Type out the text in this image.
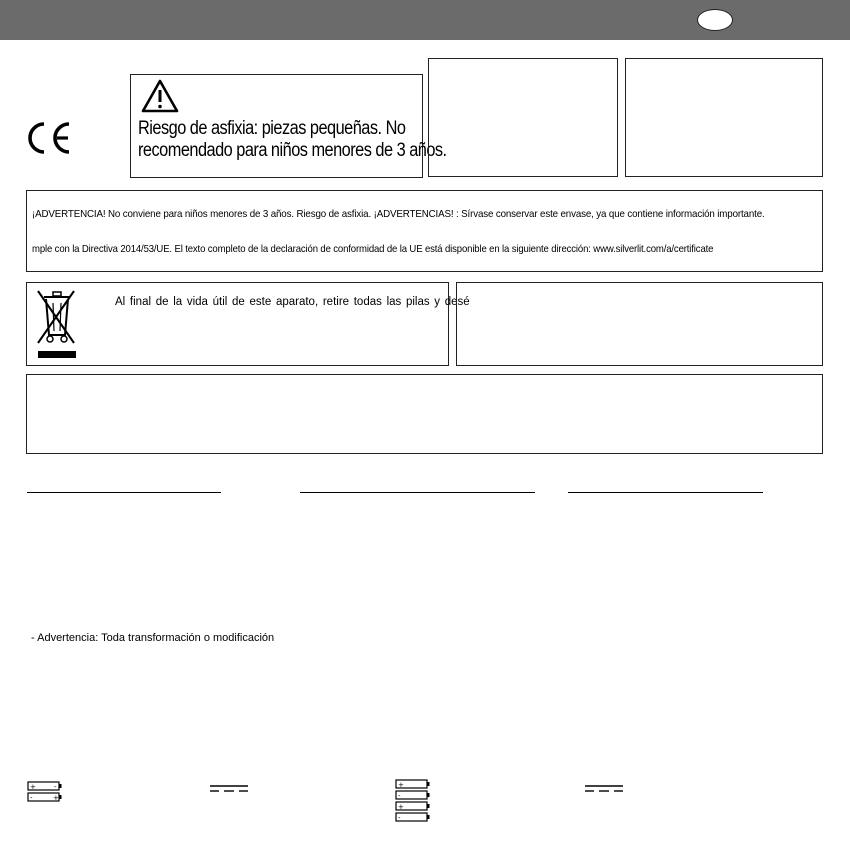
Riesgo de asfixia: piezas pequeñas. No
recomendado para niños menores de 3 años.
¡ADVERTENCIA! No conviene para niños menores de 3 años. Riesgo de asfixia. ¡ADVERTENCIAS! : Sírvase conservar este envase, ya que contiene información importante.
mple con la Directiva 2014/53/UE. El texto completo de la declaración de conformidad de la UE está disponible en la siguiente dirección: www.silverlit.com/a/certificate
Al final de la vida útil de este aparato, retire todas las pilas y desé
- Advertencia: Toda transformación o modificación
+	-
-	+
+
-
+
-
